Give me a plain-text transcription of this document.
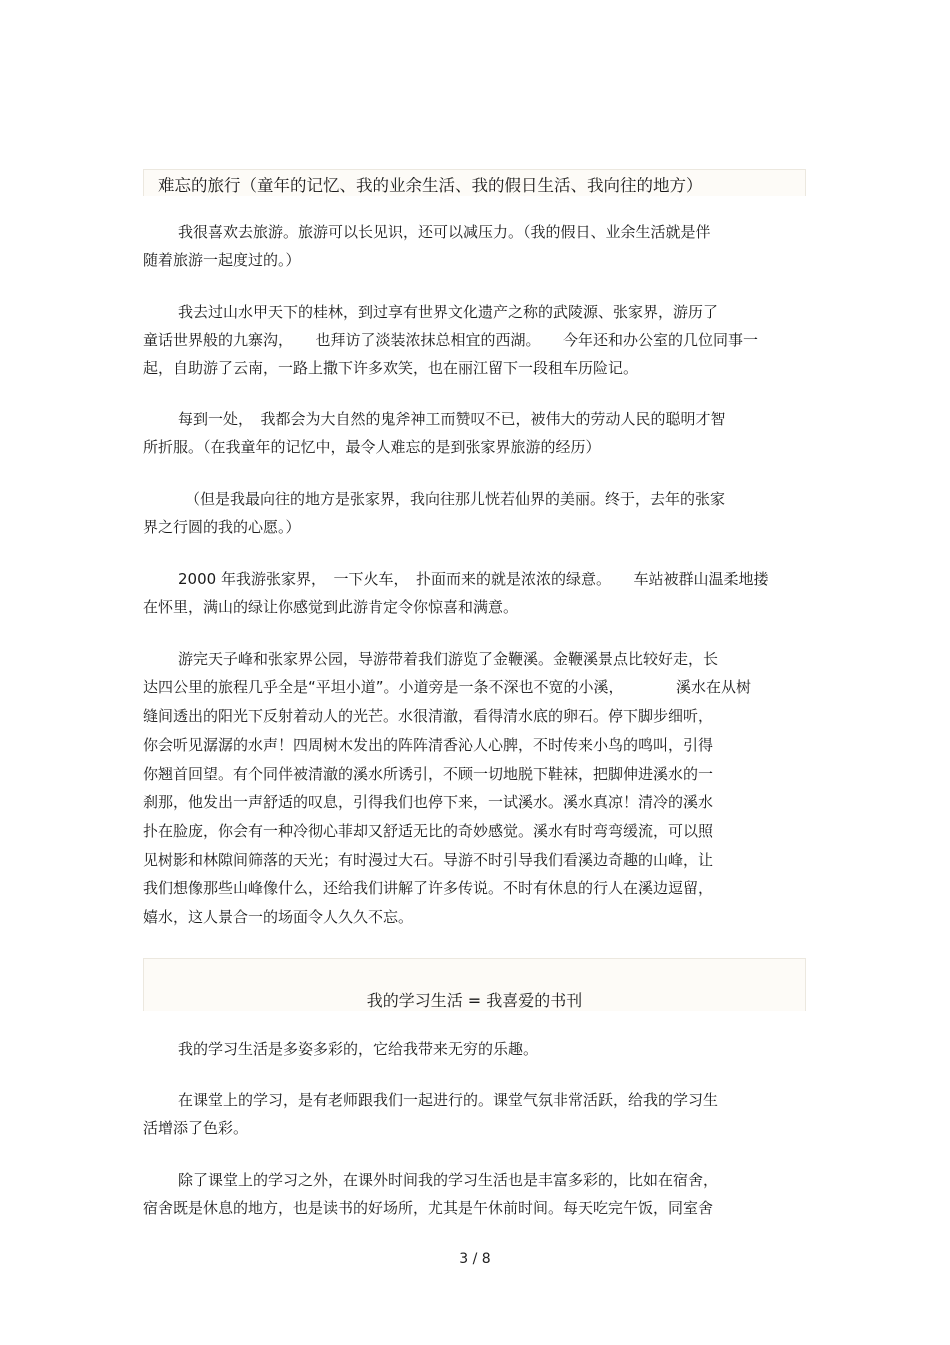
难忘的旅行（童年的记忆、我的业余生活、我的假日生活、我向往的地方）
我很喜欢去旅游。旅游可以长见识，还可以减压力。（我的假日、业余生活就是伴
随着旅游一起度过的。）
我去过山水甲天下的桂林，到过享有世界文化遗产之称的武陵源、张家界，游历了
童话世界般的九寨沟，　　也拜访了淡装浓抹总相宜的西湖。　　今年还和办公室的几位同事一
起，自助游了云南，一路上撒下许多欢笑，也在丽江留下一段租车历险记。
每到一处，　我都会为大自然的鬼斧神工而赞叹不已，被伟大的劳动人民的聪明才智
所折服。（在我童年的记忆中，最令人难忘的是到张家界旅游的经历）
（但是我最向往的地方是张家界，我向往那儿恍若仙界的美丽。终于，去年的张家
界之行圆的我的心愿。）
2000 年我游张家界，　一下火车，　扑面而来的就是浓浓的绿意。　　车站被群山温柔地搂
在怀里，满山的绿让你感觉到此游肯定令你惊喜和满意。
游完天子峰和张家界公园，导游带着我们游览了金鞭溪。金鞭溪景点比较好走，长
达四公里的旅程几乎全是“平坦小道”。小道旁是一条不深也不宽的小溪，　　　　溪水在从树
缝间透出的阳光下反射着动人的光芒。水很清澈，看得清水底的卵石。停下脚步细听，
你会听见潺潺的水声！四周树木发出的阵阵清香沁人心脾，不时传来小鸟的鸣叫，引得
你翘首回望。有个同伴被清澈的溪水所诱引，不顾一切地脱下鞋袜，把脚伸进溪水的一
刹那，他发出一声舒适的叹息，引得我们也停下来，一试溪水。溪水真凉！清冷的溪水
扑在脸庞，你会有一种冷彻心菲却又舒适无比的奇妙感觉。溪水有时弯弯缓流，可以照
见树影和林隙间筛落的天光；有时漫过大石。导游不时引导我们看溪边奇趣的山峰，让
我们想像那些山峰像什么，还给我们讲解了许多传说。不时有休息的行人在溪边逗留，
嬉水，这人景合一的场面令人久久不忘。
我的学习生活 = 我喜爱的书刊
我的学习生活是多姿多彩的，它给我带来无穷的乐趣。
在课堂上的学习，是有老师跟我们一起进行的。课堂气氛非常活跃，给我的学习生
活增添了色彩。
除了课堂上的学习之外，在课外时间我的学习生活也是丰富多彩的，比如在宿舍，
宿舍既是休息的地方，也是读书的好场所，尤其是午休前时间。每天吃完午饭，同室舍
3 / 8
